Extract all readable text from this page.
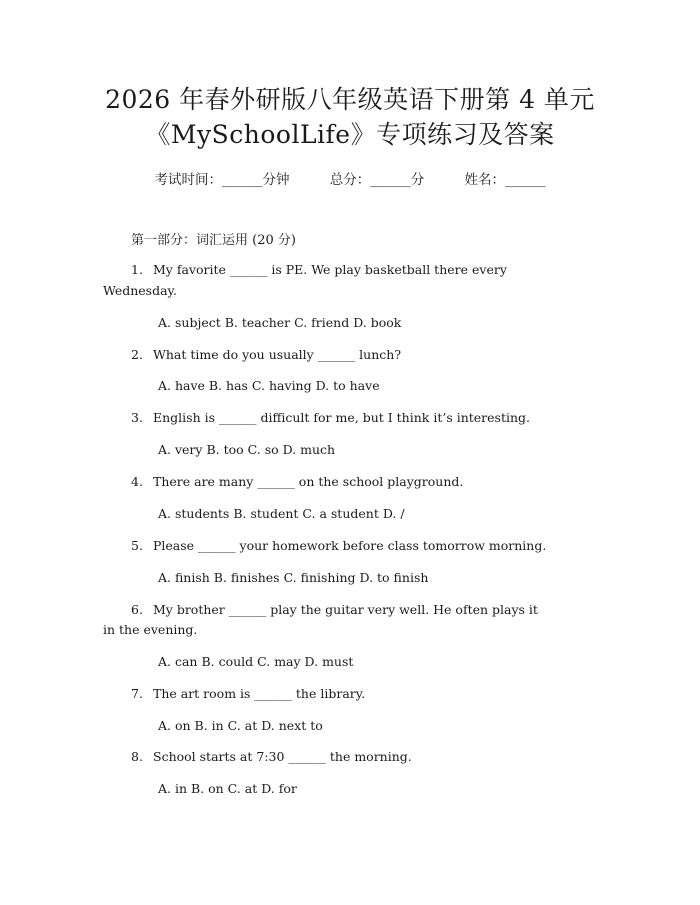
2026 年春外研版八年级英语下册第 4 单元
《MySchoolLife》专项练习及答案
考试时间：______分钟	总分：______分	姓名：______
第一部分：词汇运用 (20 分)
1. My favorite ______ is PE. We play basketball there every
Wednesday.
A. subject B. teacher C. friend D. book
2. What time do you usually ______ lunch?
A. have B. has C. having D. to have
3. English is ______ difficult for me, but I think it’s interesting.
A. very B. too C. so D. much
4. There are many ______ on the school playground.
A. students B. student C. a student D. /
5. Please ______ your homework before class tomorrow morning.
A. finish B. finishes C. finishing D. to finish
6. My brother ______ play the guitar very well. He often plays it
in the evening.
A. can B. could C. may D. must
7. The art room is ______ the library.
A. on B. in C. at D. next to
8. School starts at 7:30 ______ the morning.
A. in B. on C. at D. for
